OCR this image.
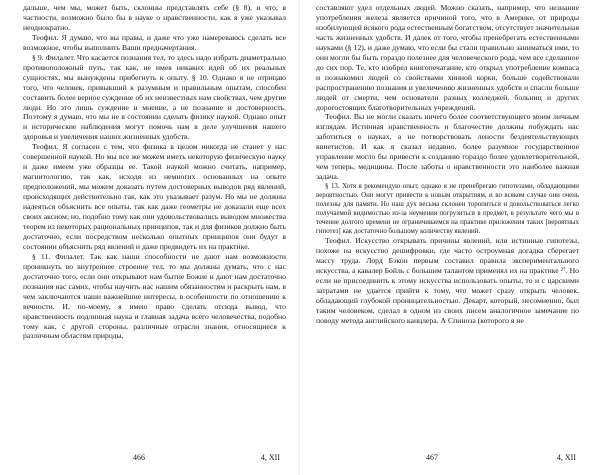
дальше, чем мы, может быть, склонны представлять себе (§ 8), и что, в частности, возможно было бы в науке о нравственности, как я уже указывал неоднократно.

Теофил. Я думаю, что вы правы, и даже что уже намереваюсь сделать все возможное, чтобы выполнить Ваши предначертания.

§ 9. Филалет. Что касается познания тел, то здесь надо избрать диаметрально противоположный путь, так как, не имея никаких идей об их реальных сущностях, мы вынуждены прибегнуть к опыту. § 10. Однако я не отрицаю того, что человек, привыкший к разумным и правильным опытам, способен составить более верное суждение об их неизвестных нам свойствах, чем другие люди. Но это лишь суждение и мнение, а не познание и достоверность. Поэтому я думаю, что мы не в состоянии сделать физику наукой. Однако опыт и исторические наблюдения могут помочь нам в деле улучшения нашего здоровья и увеличения наших жизненных удобств.

Теофил. Я согласен с тем, что физика в целом никогда не станет у нас совершенной наукой. Но мы все же можем иметь некоторую физическую науку и даже имеем уже образцы ее. Такой наукой можно считать, например, магнитологию, так как, исходя из немногих основанных на опыте предположений, мы можем доказать путем достоверных выводов ряд явлений, происходящих действительно так, как это указывает разум. Но мы не должны надеяться объяснить все опыты, так как даже геометры не доказали еще всех своих аксиом; но, подобно тому как они удовольствовались выводом множества теорем из некоторых рациональных принципов, так и для физиков должно быть достаточно, если посредством несколько опытных принципов они будут в состоянии объяснить ряд явлений и даже предвидеть их на практике.

§ 11. Филалет. Так как наши способности не дают нам возможности проникнуть во внутреннее строение тел, то мы должны думать, что с нас достаточно того, если они открывают нам бытие Божие и дают нам достаточно познания нас самих, чтобы научить нас нашим обязанностям и раскрыть нам, в чем заключаются наши важнейшие интересы, в особенности по отношению к вечности. И, по-моему, я имею право сделать отсюда вывод, что нравственность подлинная наука и главная задача всего человечества, подобно тому как, с другой стороны, различные отрасли знания, относящиеся к различным областям природы,

466	4, XII

составляют удел отдельных людей. Можно сказать, например, что незнание употребления железа является причиной того, что в Америке, от природы изобилующей всякого рода естественным богатством, отсутствует значительная часть жизненных удобств. И далек от того, чтобы пренебрегать естественными науками (§ 12), и даже думаю, что если бы стали правильно заниматься ими, то они могли бы быть гораздо полезнее для человеческого рода, чем все сделанное до сих пор. Те, кто изобрел книгопечатание, кто открыл употребление компаса и познакомил людей со свойствами хинной корки, больше содействовали распространению познания и увеличению жизненных удобств и спасли больше людей от смерти, чем основатели разных колледжей, больниц и других дорогостоящих благотворительных учреждений.

Теофил. Вы не могли сказать ничего более соответствующего моим личным взглядам. Истинная нравственность и благочестие должны побуждать нас заботиться о науках, а не потворствовать лености бездеятельствующих квиетистов. И как я сказал недавно, более разумное государственное управление могло бы привести к созданию гораздо более удовлетворительной, чем теперь, медицины. После заботы о нравственности это наиболее важная задача.

§ 13. Хотя я рекомендую опыт, однако я не пренебрегаю гипотезами, обладающими вероятностью. Они могут привести к новым открытиям, и во всяком случае они очень полезны для памяти. Но наш дух весьма склонен торопиться и довольствоваться легко получаемой видимостью из-за неумения погрузиться в предмет, в результате чего мы в течение долгого времени не ограничиваемся на практике приложения таких [вероятных гипотез] как достаточно большому количеству явлений.

Теофил. Искусство открывать причины явлений, или истинные гипотезы, похоже на искусство дешифровки, где часто остроумная догадка сберегает массу труда. Лорд Бэкон первым составил правила экспериментального искусства, а кавалер Бойль с большим талантом применял их на практике ²⁷. Но если не присоединить к этому искусства использовать опыты, то и с царскими затратами не удается прийти к тому, что может сразу открыть человек, обладающий глубокой проницательностью. Декарт, который, несомненно, был таким человеком, сделал в одном из своих писем аналогичное замечание по поводу метода английского канцлера. А Спиноза (которого я не

467	4, XII
